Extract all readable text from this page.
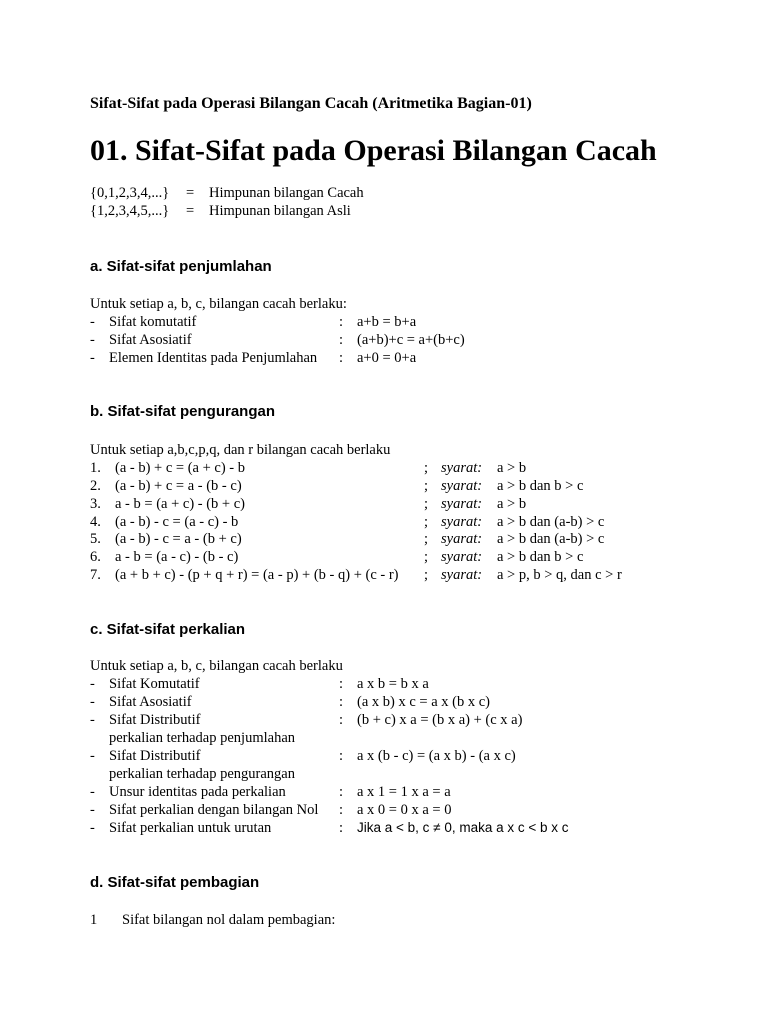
Sifat-Sifat pada Operasi Bilangan Cacah (Aritmetika Bagian-01)
01. Sifat-Sifat pada Operasi Bilangan Cacah
{0,1,2,3,4,...} = Himpunan bilangan Cacah
{1,2,3,4,5,...} = Himpunan bilangan Asli
a. Sifat-sifat penjumlahan
Untuk setiap a, b, c, bilangan cacah berlaku:
- Sifat komutatif	: a+b = b+a
- Sifat Asosiatif	: (a+b)+c = a+(b+c)
- Elemen Identitas pada Penjumlahan : a+0 = 0+a
b. Sifat-sifat pengurangan
Untuk setiap a,b,c,p,q, dan r bilangan cacah berlaku
1. (a - b) + c = (a + c) - b	; syarat: a > b
2. (a - b) + c = a - (b - c)	; syarat: a > b dan b > c
3. a - b = (a + c) - (b + c)	; syarat: a > b
4. (a - b) - c = (a - c) - b	; syarat: a > b dan (a-b) > c
5. (a - b) - c = a - (b + c)	; syarat: a > b dan (a-b) > c
6. a - b = (a - c) - (b - c)	; syarat: a > b dan b > c
7. (a + b + c) - (p + q + r) = (a - p) + (b - q) + (c - r) ; syarat: a > p, b > q, dan c > r
c. Sifat-sifat perkalian
Untuk setiap a, b, c, bilangan cacah berlaku
- Sifat Komutatif	: a x b = b x a
- Sifat Asosiatif	: (a x b) x c = a x (b x c)
- Sifat Distributif	: (b + c) x a = (b x a) + (c x a)
perkalian terhadap penjumlahan
- Sifat Distributif	: a x (b - c) = (a x b) - (a x c)
perkalian terhadap pengurangan
- Unsur identitas pada perkalian	: a x 1 = 1 x a = a
- Sifat perkalian dengan bilangan Nol : a x 0 = 0 x a = 0
- Sifat perkalian untuk urutan	: Jika a < b, c ≠ 0, maka a x c < b x c
d. Sifat-sifat pembagian
1 Sifat bilangan nol dalam pembagian:
